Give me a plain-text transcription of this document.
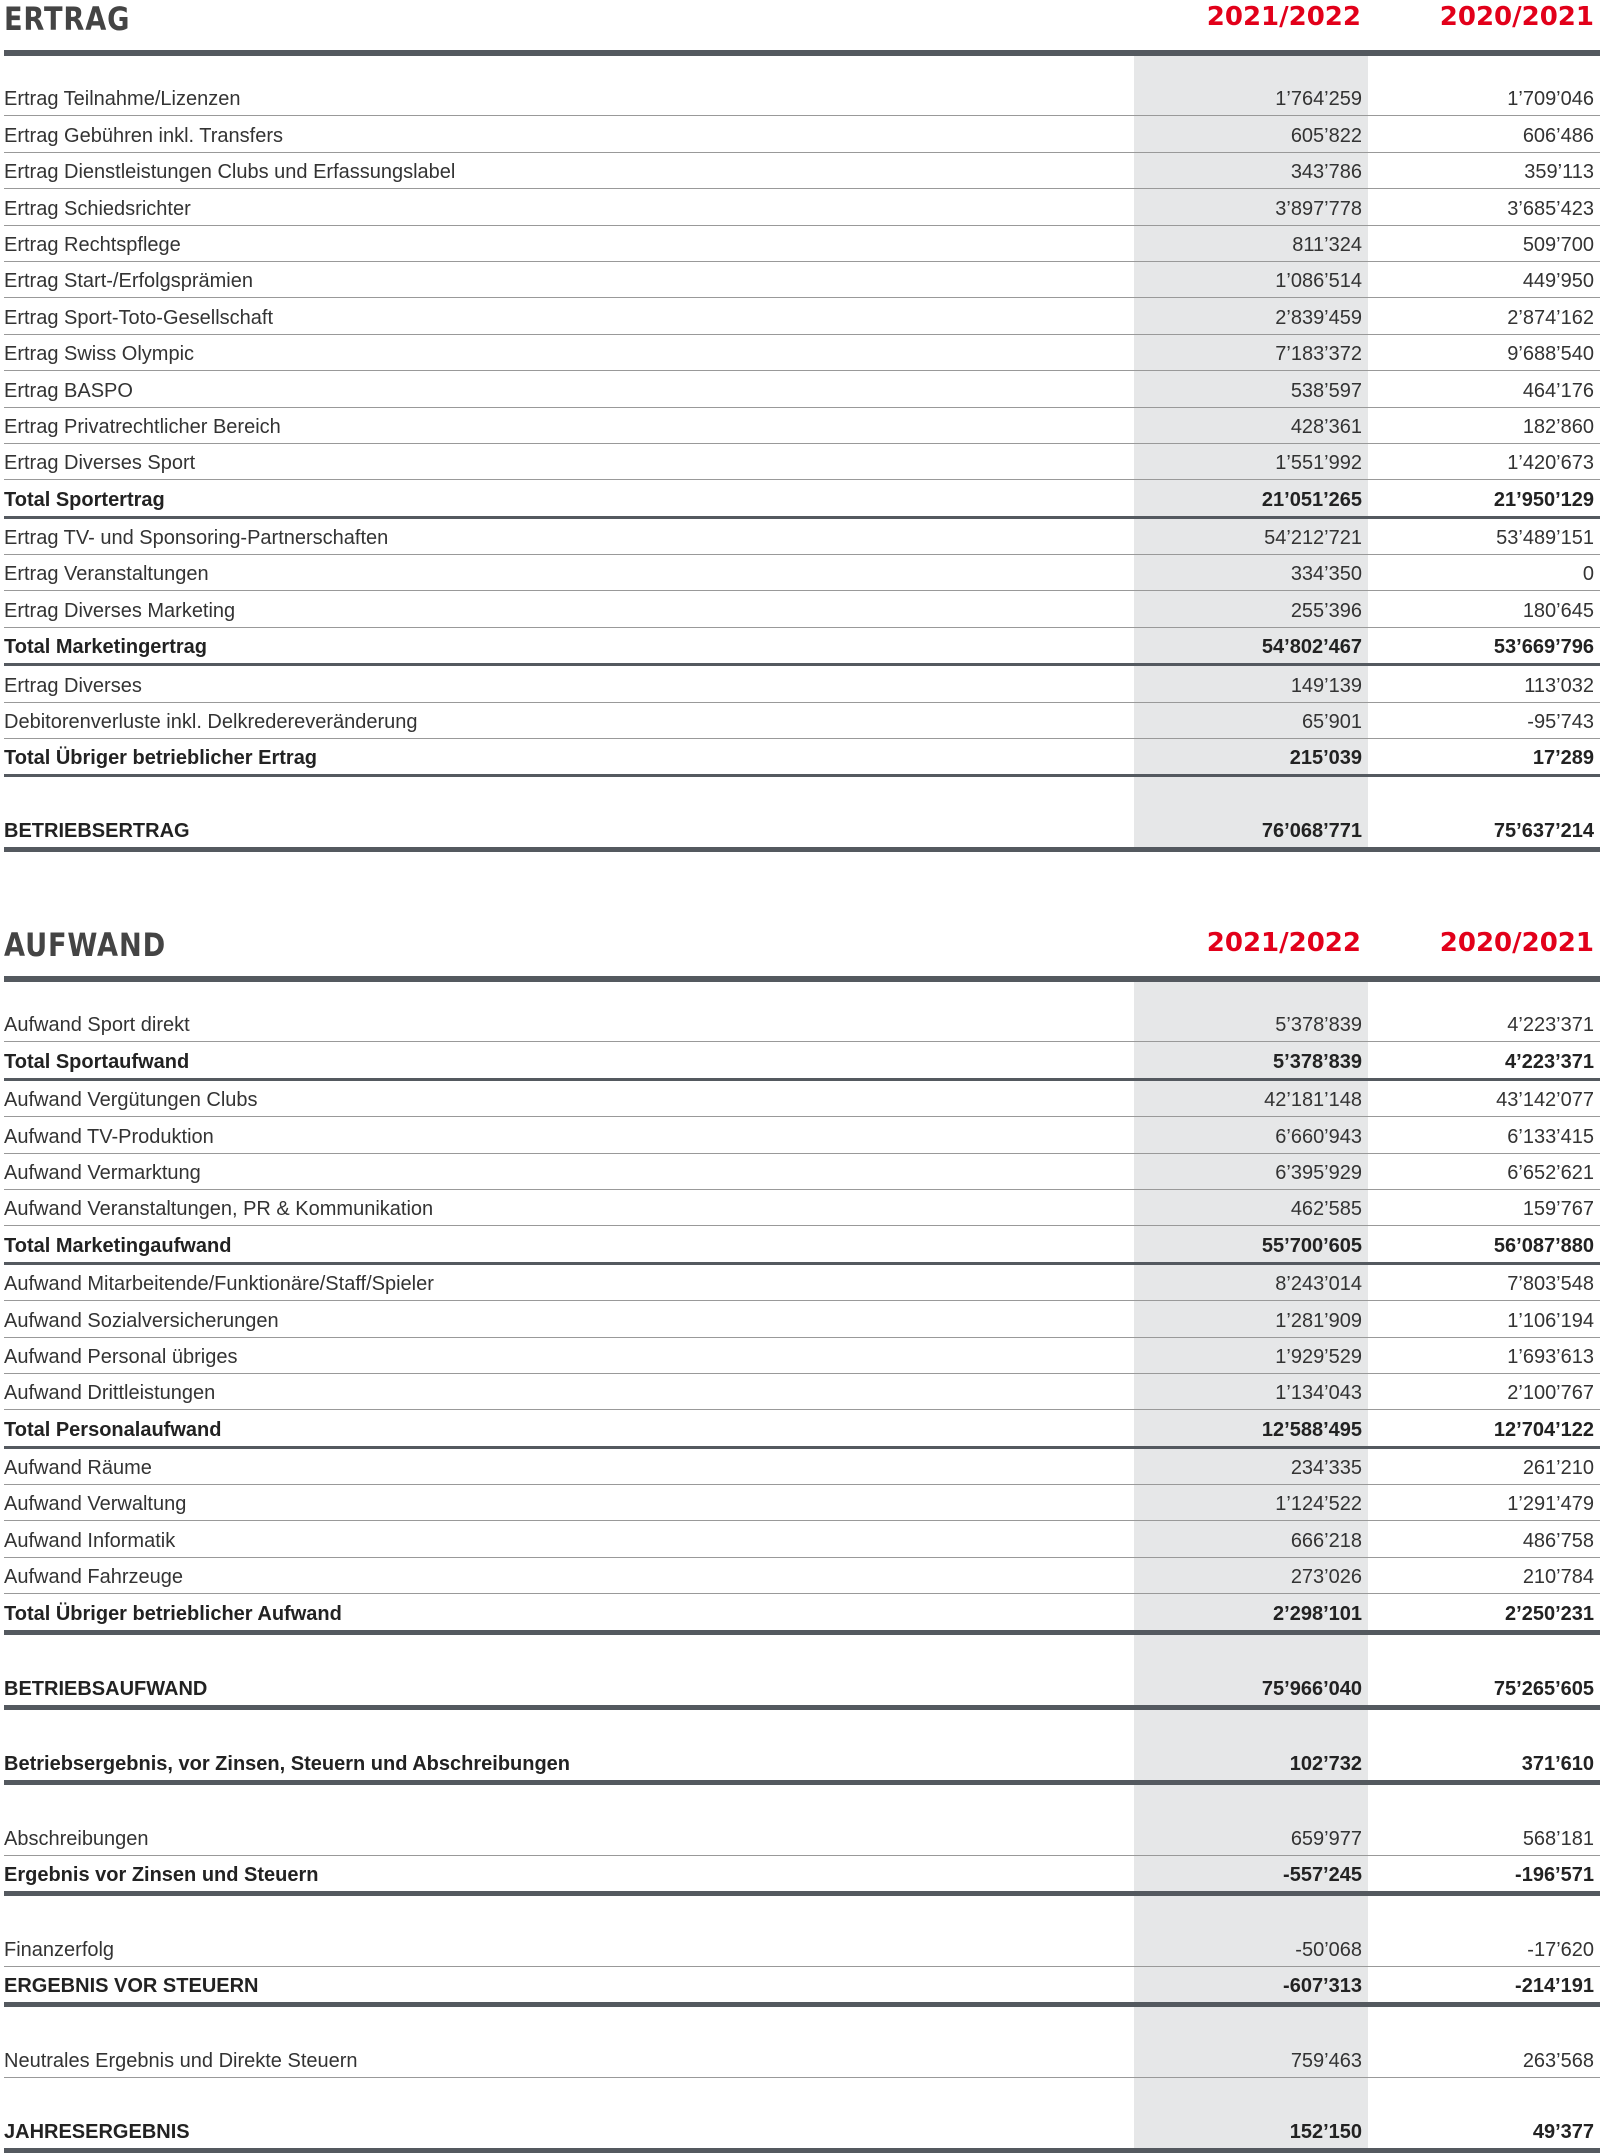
ERTRAG	2021/2022	2020/2021
Ertrag Teilnahme/Lizenzen	1’764’259	1’709’046
Ertrag Gebühren inkl. Transfers	605’822	606’486
Ertrag Dienstleistungen Clubs und Erfassungslabel	343’786	359’113
Ertrag Schiedsrichter	3’897’778	3’685’423
Ertrag Rechtspflege	811’324	509’700
Ertrag Start-/Erfolgsprämien	1’086’514	449’950
Ertrag Sport-Toto-Gesellschaft	2’839’459	2’874’162
Ertrag Swiss Olympic	7’183’372	9’688’540
Ertrag BASPO	538’597	464’176
Ertrag Privatrechtlicher Bereich	428’361	182’860
Ertrag Diverses Sport	1’551’992	1’420’673
Total Sportertrag	21’051’265	21’950’129
Ertrag TV- und Sponsoring-Partnerschaften	54’212’721	53’489’151
Ertrag Veranstaltungen	334’350	0
Ertrag Diverses Marketing	255’396	180’645
Total Marketingertrag	54’802’467	53’669’796
Ertrag Diverses	149’139	113’032
Debitorenverluste inkl. Delkredereveränderung	65’901	-95’743
Total Übriger betrieblicher Ertrag	215’039	17’289
BETRIEBSERTRAG	76’068’771	75’637’214
AUFWAND	2021/2022	2020/2021
Aufwand Sport direkt	5’378’839	4’223’371
Total Sportaufwand	5’378’839	4’223’371
Aufwand Vergütungen Clubs	42’181’148	43’142’077
Aufwand TV-Produktion	6’660’943	6’133’415
Aufwand Vermarktung	6’395’929	6’652’621
Aufwand Veranstaltungen, PR & Kommunikation	462’585	159’767
Total Marketingaufwand	55’700’605	56’087’880
Aufwand Mitarbeitende/Funktionäre/Staff/Spieler	8’243’014	7’803’548
Aufwand Sozialversicherungen	1’281’909	1’106’194
Aufwand Personal übriges	1’929’529	1’693’613
Aufwand Drittleistungen	1’134’043	2’100’767
Total Personalaufwand	12’588’495	12’704’122
Aufwand Räume	234’335	261’210
Aufwand Verwaltung	1’124’522	1’291’479
Aufwand Informatik	666’218	486’758
Aufwand Fahrzeuge	273’026	210’784
Total Übriger betrieblicher Aufwand	2’298’101	2’250’231
BETRIEBSAUFWAND	75’966’040	75’265’605
Betriebsergebnis, vor Zinsen, Steuern und Abschreibungen	102’732	371’610
Abschreibungen	659’977	568’181
Ergebnis vor Zinsen und Steuern	-557’245	-196’571
Finanzerfolg	-50’068	-17’620
ERGEBNIS VOR STEUERN	-607’313	-214’191
Neutrales Ergebnis und Direkte Steuern	759’463	263’568
JAHRESERGEBNIS	152’150	49’377
